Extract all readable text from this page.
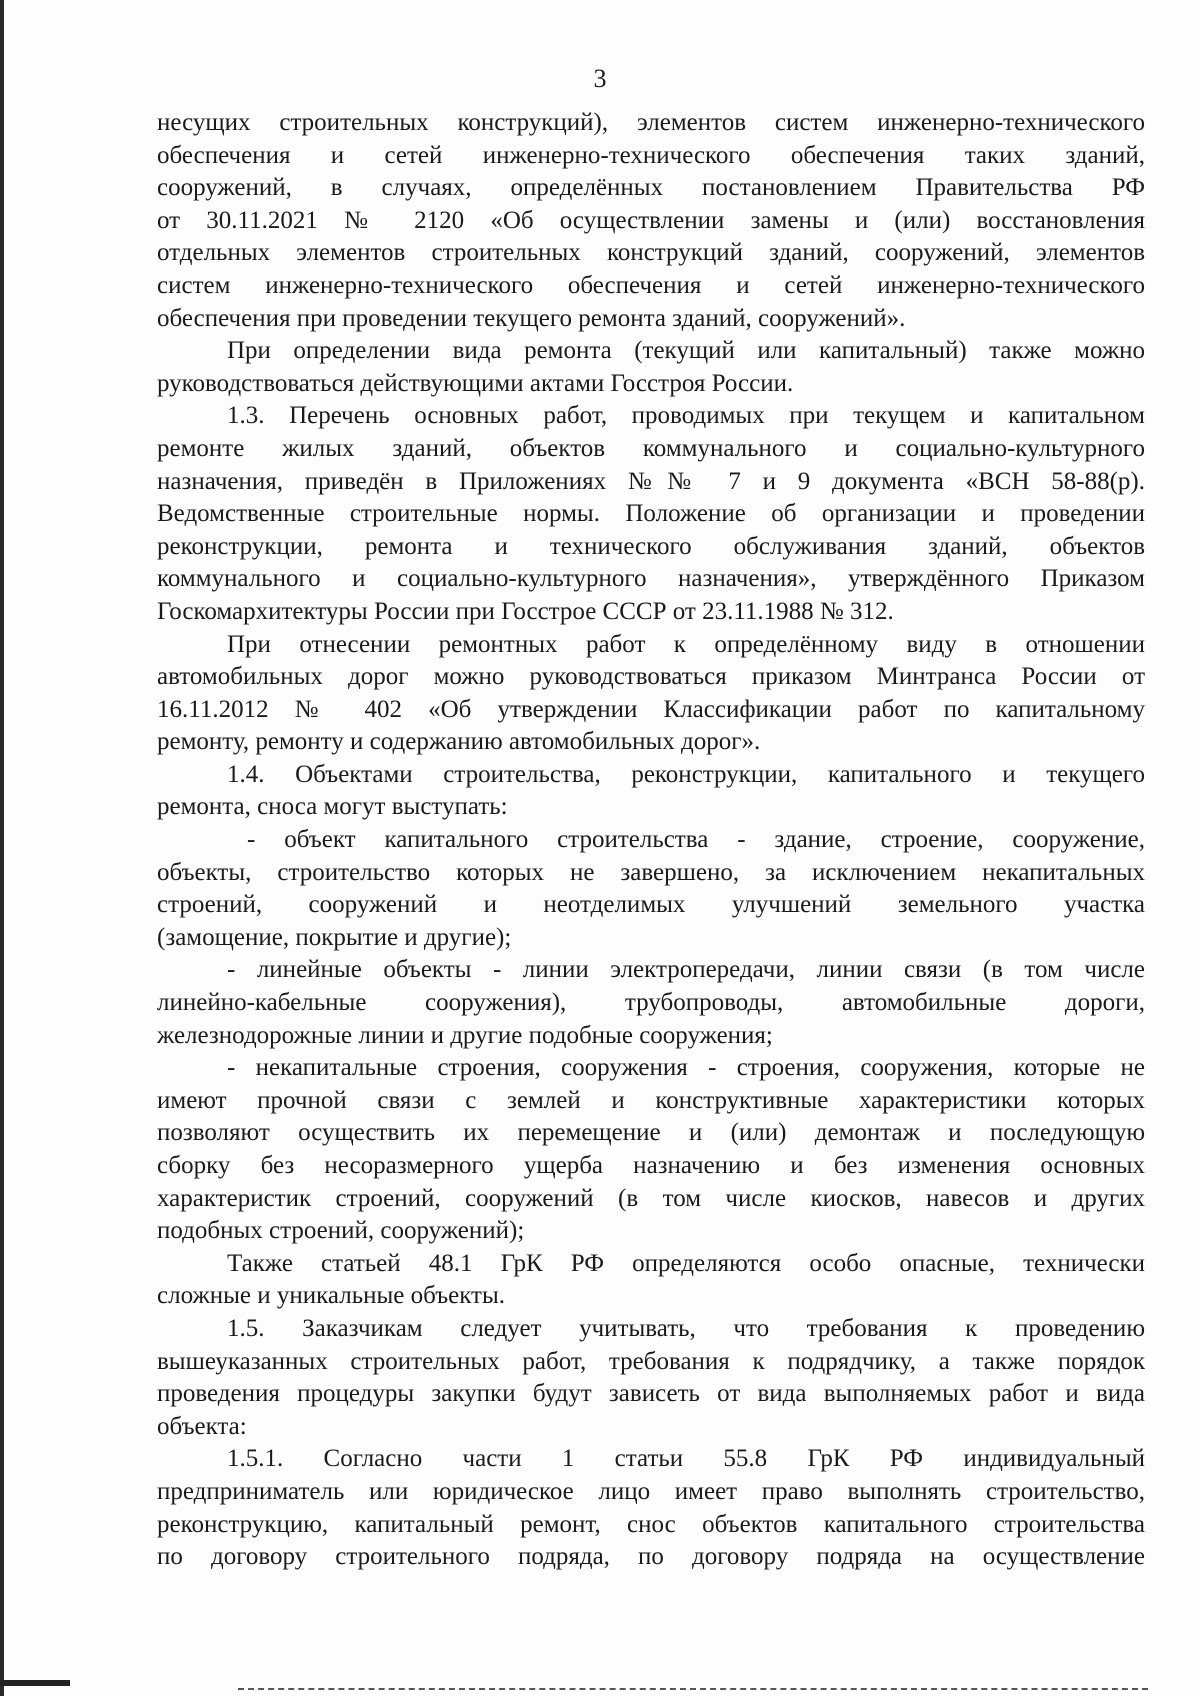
3
несущих строительных конструкций), элементов систем инженерно-технического
обеспечения и сетей инженерно-технического обеспечения таких зданий,
сооружений, в случаях, определённых постановлением Правительства РФ
от 30.11.2021 № 2120 «Об осуществлении замены и (или) восстановления
отдельных элементов строительных конструкций зданий, сооружений, элементов
систем инженерно-технического обеспечения и сетей инженерно-технического
обеспечения при проведении текущего ремонта зданий, сооружений».
При определении вида ремонта (текущий или капитальный) также можно
руководствоваться действующими актами Госстроя России.
1.3. Перечень основных работ, проводимых при текущем и капитальном
ремонте жилых зданий, объектов коммунального и социально-культурного
назначения, приведён в Приложениях №№ 7 и 9 документа «ВСН 58-88(р).
Ведомственные строительные нормы. Положение об организации и проведении
реконструкции, ремонта и технического обслуживания зданий, объектов
коммунального и социально-культурного назначения», утверждённого Приказом
Госкомархитектуры России при Госстрое СССР от 23.11.1988 № 312.
При отнесении ремонтных работ к определённому виду в отношении
автомобильных дорог можно руководствоваться приказом Минтранса России от
16.11.2012 № 402 «Об утверждении Классификации работ по капитальному
ремонту, ремонту и содержанию автомобильных дорог».
1.4. Объектами строительства, реконструкции, капитального и текущего
ремонта, сноса могут выступать:
- объект капитального строительства - здание, строение, сооружение,
объекты, строительство которых не завершено, за исключением некапитальных
строений, сооружений и неотделимых улучшений земельного участка
(замощение, покрытие и другие);
- линейные объекты - линии электропередачи, линии связи (в том числе
линейно-кабельные сооружения), трубопроводы, автомобильные дороги,
железнодорожные линии и другие подобные сооружения;
- некапитальные строения, сооружения - строения, сооружения, которые не
имеют прочной связи с землей и конструктивные характеристики которых
позволяют осуществить их перемещение и (или) демонтаж и последующую
сборку без несоразмерного ущерба назначению и без изменения основных
характеристик строений, сооружений (в том числе киосков, навесов и других
подобных строений, сооружений);
Также статьей 48.1 ГрК РФ определяются особо опасные, технически
сложные и уникальные объекты.
1.5. Заказчикам следует учитывать, что требования к проведению
вышеуказанных строительных работ, требования к подрядчику, а также порядок
проведения процедуры закупки будут зависеть от вида выполняемых работ и вида
объекта:
1.5.1. Согласно части 1 статьи 55.8 ГрК РФ индивидуальный
предприниматель или юридическое лицо имеет право выполнять строительство,
реконструкцию, капитальный ремонт, снос объектов капитального строительства
по договору строительного подряда, по договору подряда на осуществление
